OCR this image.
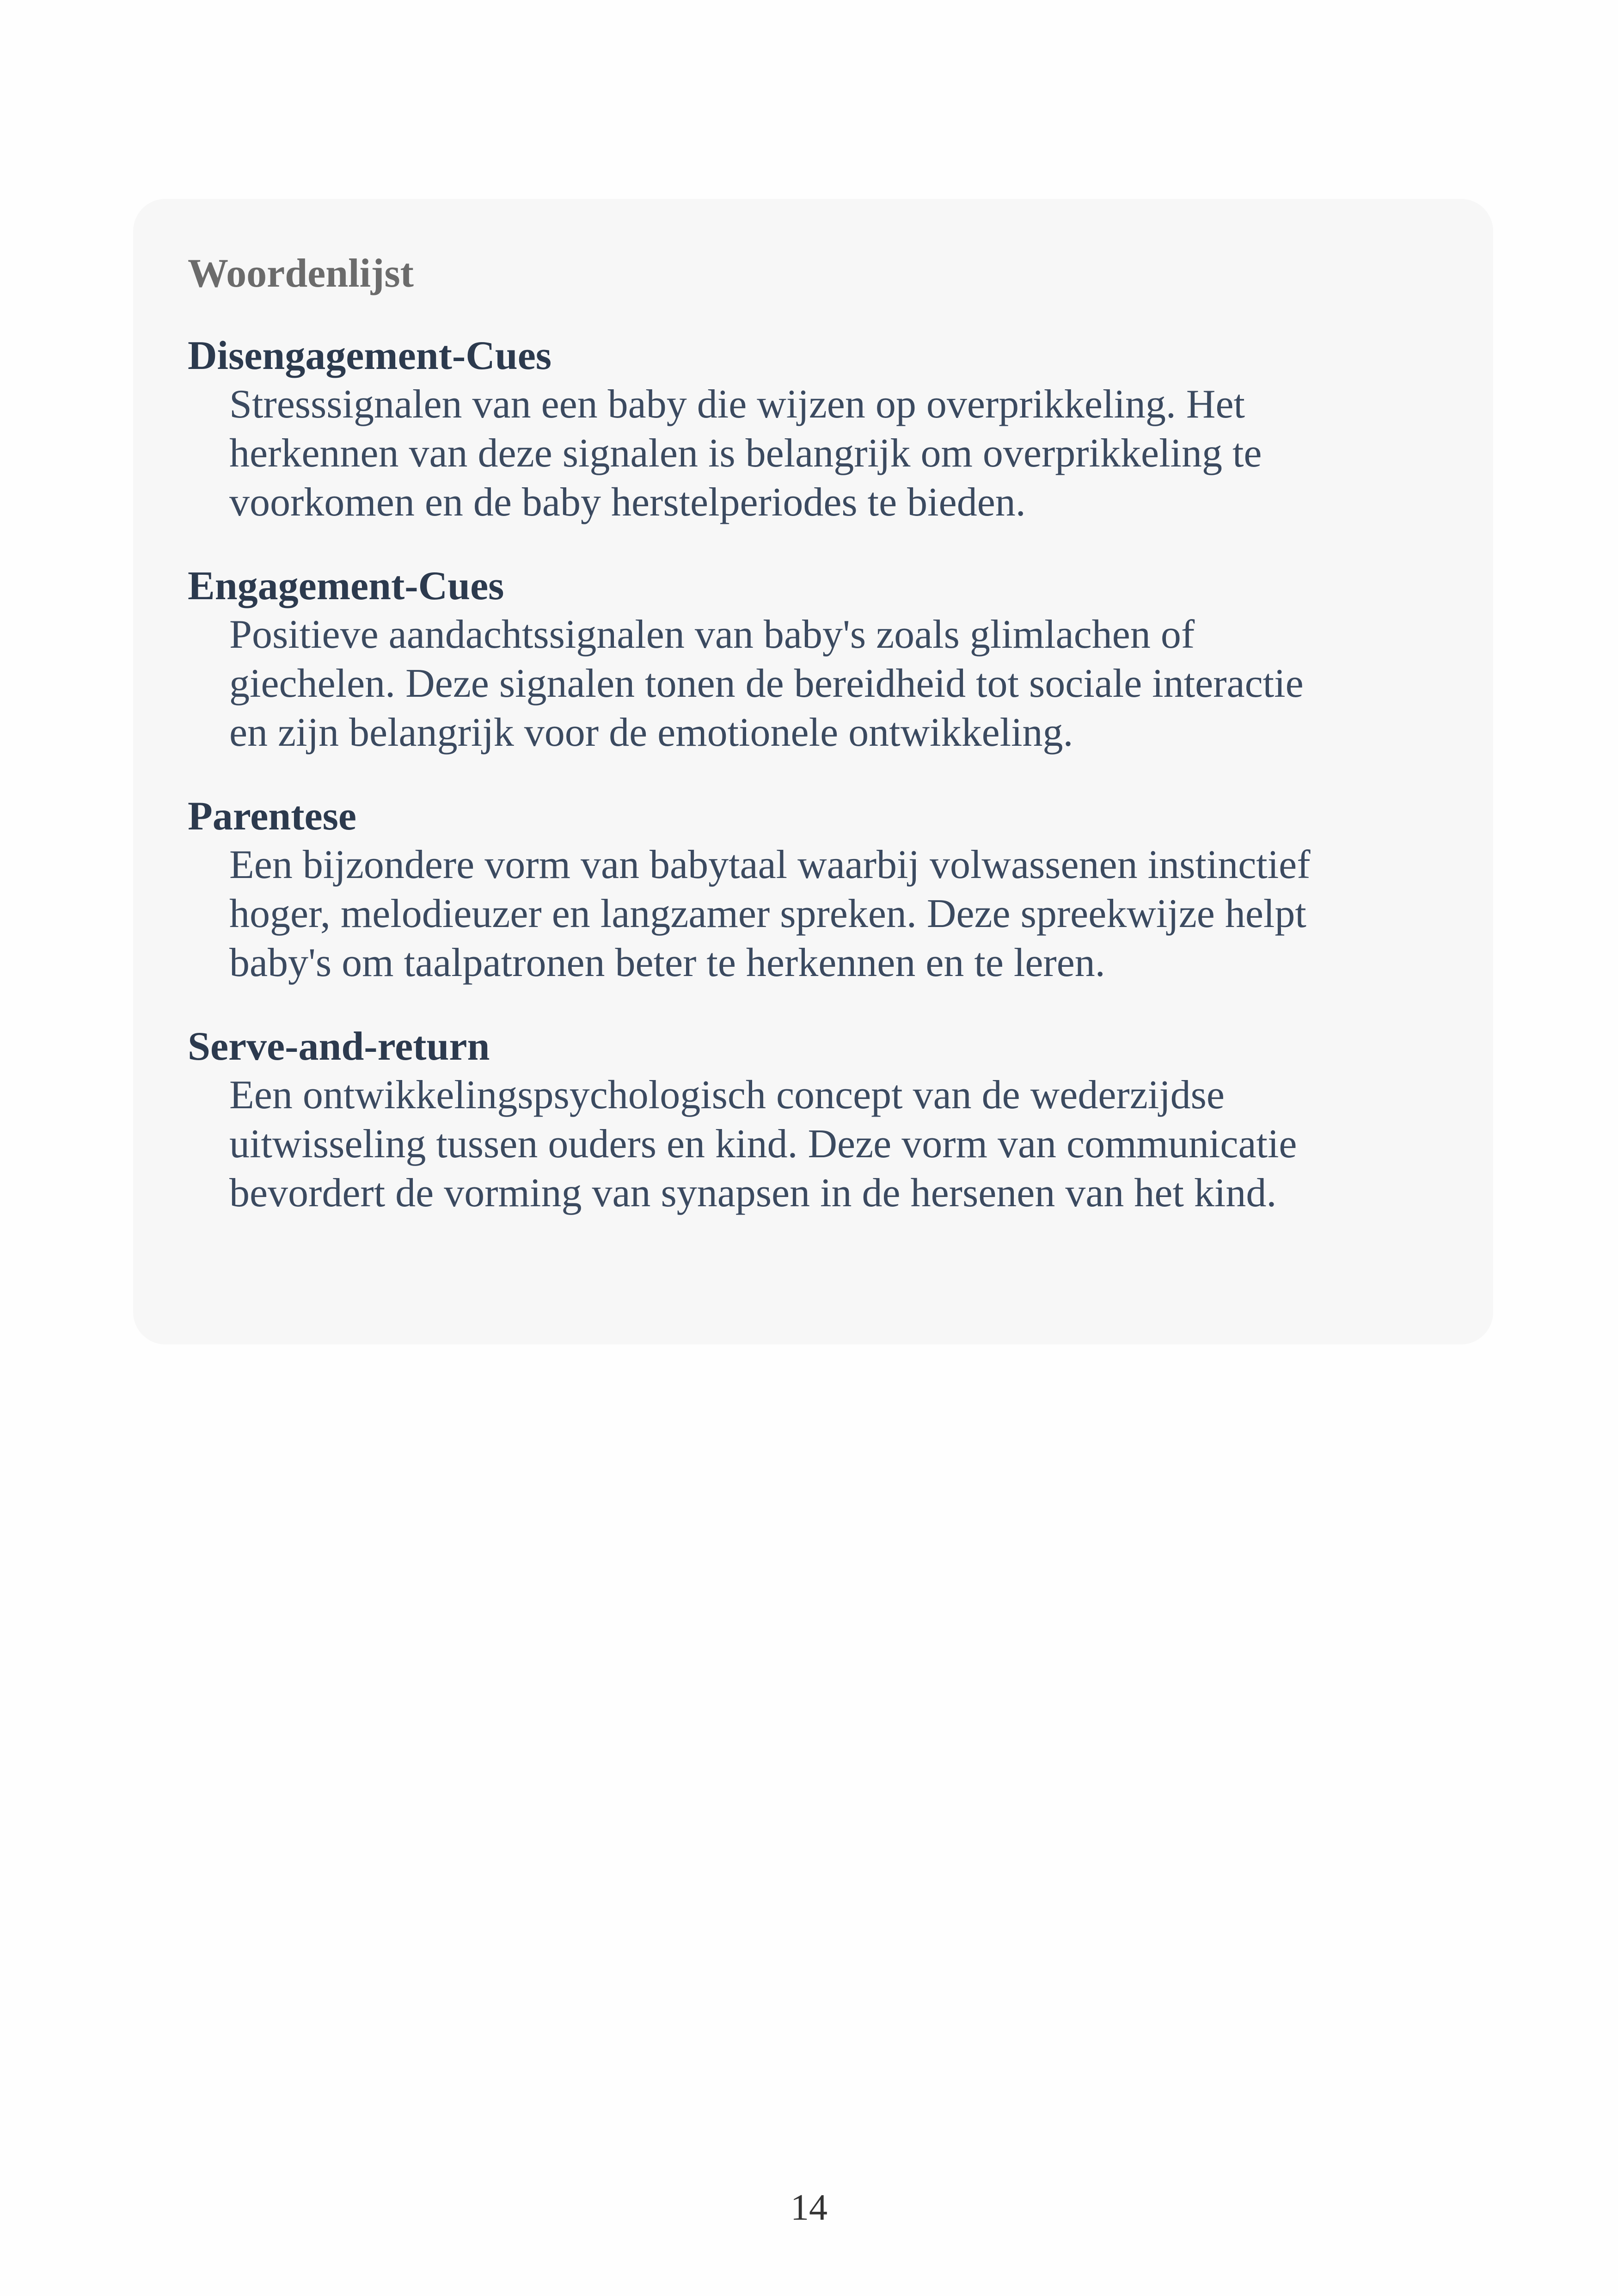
Woordenlijst
Disengagement-Cues
Stresssignalen van een baby die wijzen op overprikkeling. Het
herkennen van deze signalen is belangrijk om overprikkeling te
voorkomen en de baby herstelperiodes te bieden.
Engagement-Cues
Positieve aandachtssignalen van baby's zoals glimlachen of
giechelen. Deze signalen tonen de bereidheid tot sociale interactie
en zijn belangrijk voor de emotionele ontwikkeling.
Parentese
Een bijzondere vorm van babytaal waarbij volwassenen instinctief
hoger, melodieuzer en langzamer spreken. Deze spreekwijze helpt
baby's om taalpatronen beter te herkennen en te leren.
Serve-and-return
Een ontwikkelingspsychologisch concept van de wederzijdse
uitwisseling tussen ouders en kind. Deze vorm van communicatie
bevordert de vorming van synapsen in de hersenen van het kind.
14
